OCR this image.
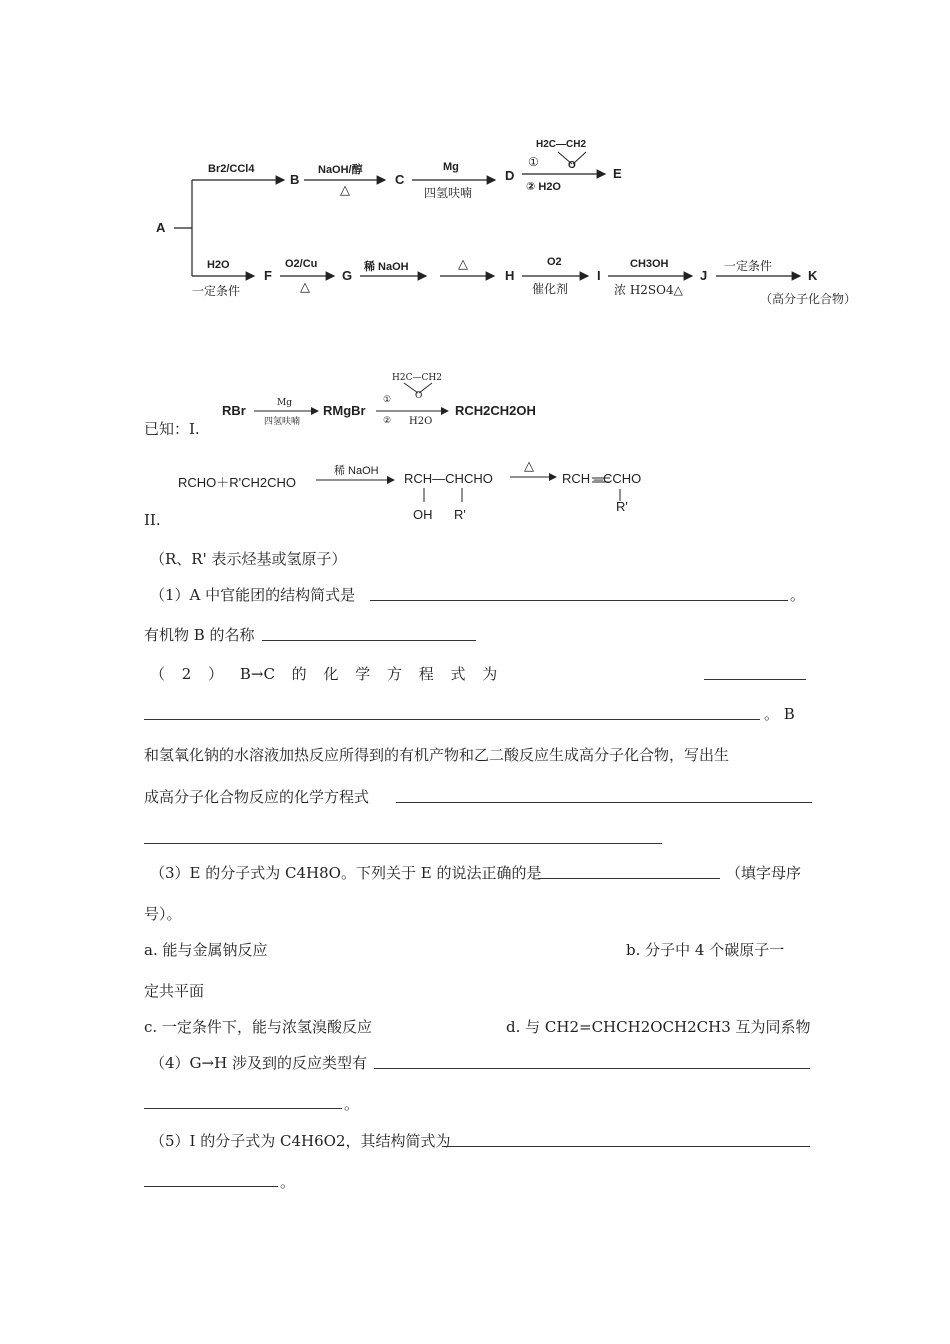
A
Br2/CCl4
B
NaOH/醇
△
C
Mg
四氢呋喃
D
①
H2C—CH2
O
② H2O
E
H2O
一定条件
F
O2/Cu
△
G
稀 NaOH	△
H
O2
催化剂
I
CH3OH
浓 H2SO4△
J
一定条件
K
（高分子化合物）
已知：I.
RBr	Mg
四氢呋喃
RMgBr
H2C—CH2
O
①
② H2O
RCH2CH2OH
II.
RCHO＋R'CH2CHO
稀 NaOH RCH—CHCHO
OH R'
△
RCH ═CCHO
R'
（R、R' 表示烃基或氢原子）
（1）A 中官能团的结构简式是	。
有机物 B 的名称
（ 2 ） B→C 的 化 学 方 程 式 为
。 B
和氢氧化钠的水溶液加热反应所得到的有机产物和乙二酸反应生成高分子化合物，写出生
成高分子化合物反应的化学方程式
（3）E 的分子式为 C4H8O。下列关于 E 的说法正确的是	（填字母序
号）。
a. 能与金属钠反应	b. 分子中 4 个碳原子一
定共平面
c. 一定条件下，能与浓氢溴酸反应	d. 与 CH2=CHCH2OCH2CH3 互为同系物
（4）G→H 涉及到的反应类型有
。
（5）I 的分子式为 C4H6O2，其结构简式为
。
